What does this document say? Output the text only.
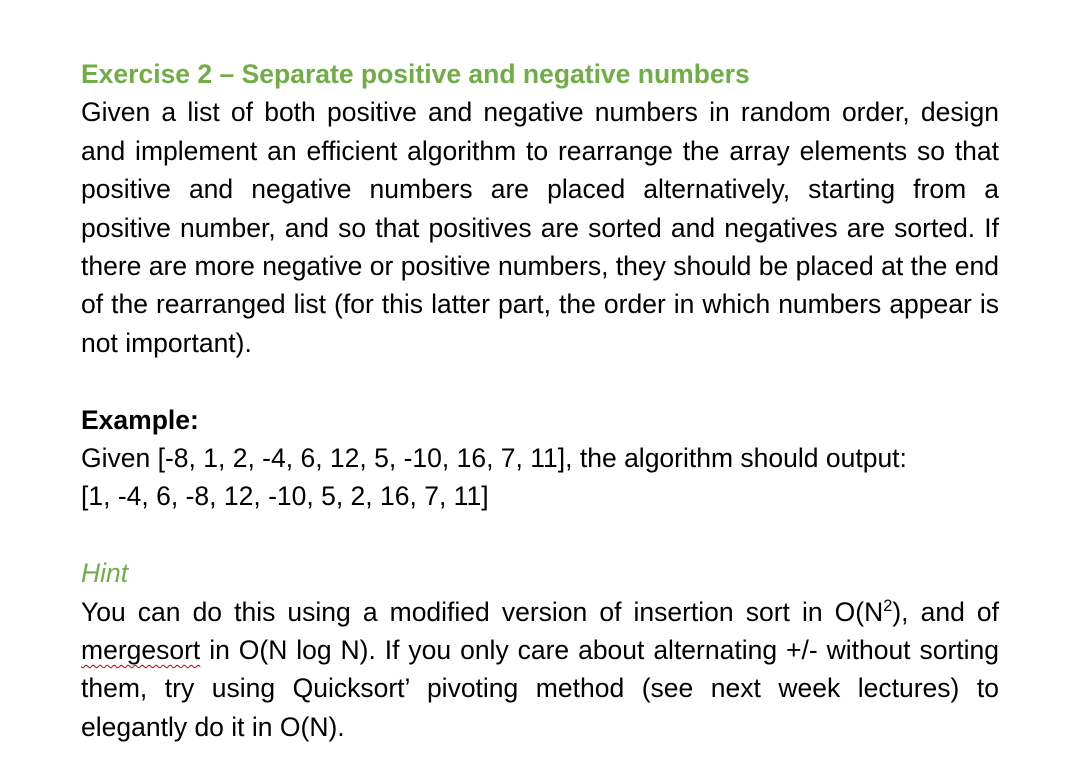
Exercise 2 – Separate positive and negative numbers

Given a list of both positive and negative numbers in random order, design and implement an efficient algorithm to rearrange the array elements so that positive and negative numbers are placed alternatively, starting from a positive number, and so that positives are sorted and negatives are sorted. If there are more negative or positive numbers, they should be placed at the end of the rearranged list (for this latter part, the order in which numbers appear is not important).

Example:

Given [-8, 1, 2, -4, 6, 12, 5, -10, 16, 7, 11], the algorithm should output:

[1, -4, 6, -8, 12, -10, 5, 2, 16, 7, 11]

Hint

You can do this using a modified version of insertion sort in $O(N^2)$, and of mergesort in O(N log N). If you only care about alternating +/- without sorting them, try using Quicksort’ pivoting method (see next week lectures) to elegantly do it in O(N).
